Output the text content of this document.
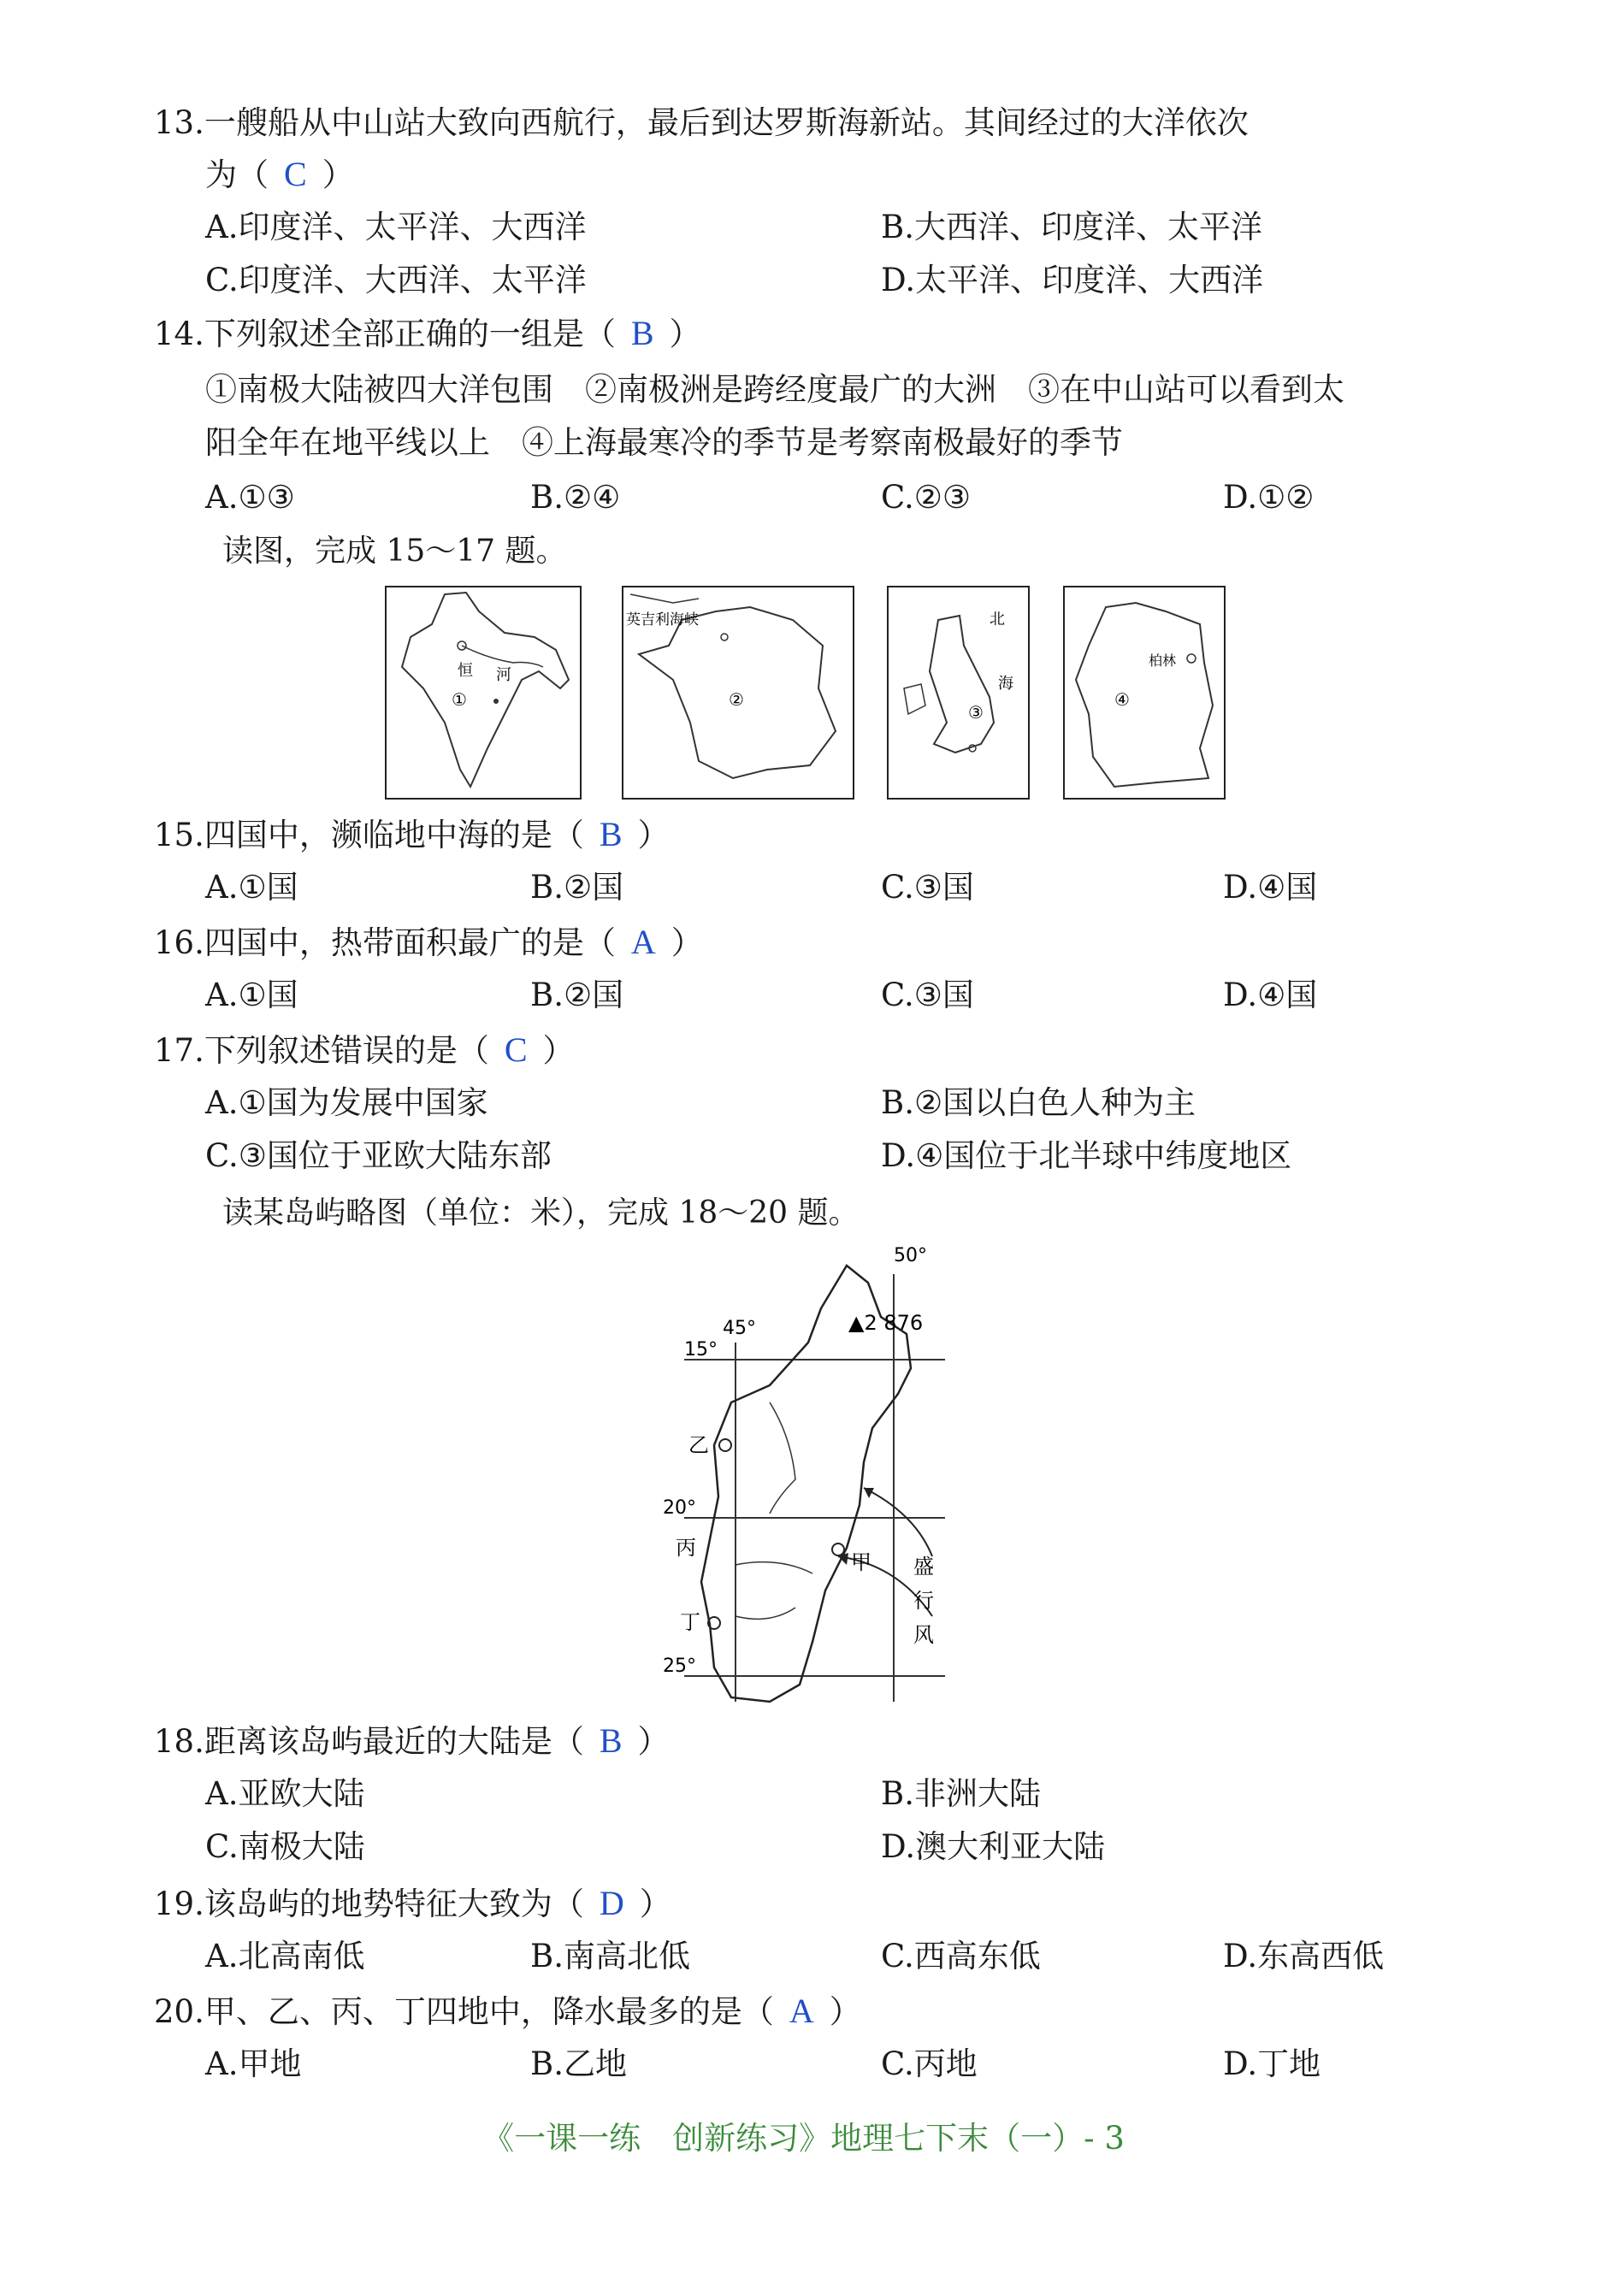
13.一艘船从中山站大致向西航行，最后到达罗斯海新站。其间经过的大洋依次
为（ C ）
A.印度洋、太平洋、大西洋	B.大西洋、印度洋、太平洋
C.印度洋、大西洋、太平洋	D.太平洋、印度洋、大西洋
14.下列叙述全部正确的一组是（ B ）
①南极大陆被四大洋包围　②南极洲是跨经度最广的大洲　③在中山站可以看到太
阳全年在地平线以上　④上海最寒冷的季节是考察南极最好的季节
A.①③	B.②④	C.②③	D.①②
读图，完成 15～17 题。
恒 河
①
英吉利海峡
②
北
海
③
柏林
④
15.四国中，濒临地中海的是（ B ）
A.①国	B.②国	C.③国	D.④国
16.四国中，热带面积最广的是（ A ）
A.①国	B.②国	C.③国	D.④国
17.下列叙述错误的是（ C ）
A.①国为发展中国家	B.②国以白色人种为主
C.③国位于亚欧大陆东部	D.④国位于北半球中纬度地区
读某岛屿略图（单位：米），完成 18～20 题。
45°
50°
15°
20°
25°
▲2 876
乙
丙
丁
甲 盛
行
风
18.距离该岛屿最近的大陆是（ B ）
A.亚欧大陆	B.非洲大陆
C.南极大陆	D.澳大利亚大陆
19.该岛屿的地势特征大致为（ D ）
A.北高南低	B.南高北低	C.西高东低	D.东高西低
20.甲、乙、丙、丁四地中，降水最多的是（ A ）
A.甲地	B.乙地	C.丙地	D.丁地
《一课一练　创新练习》地理七下末（一）- 3
